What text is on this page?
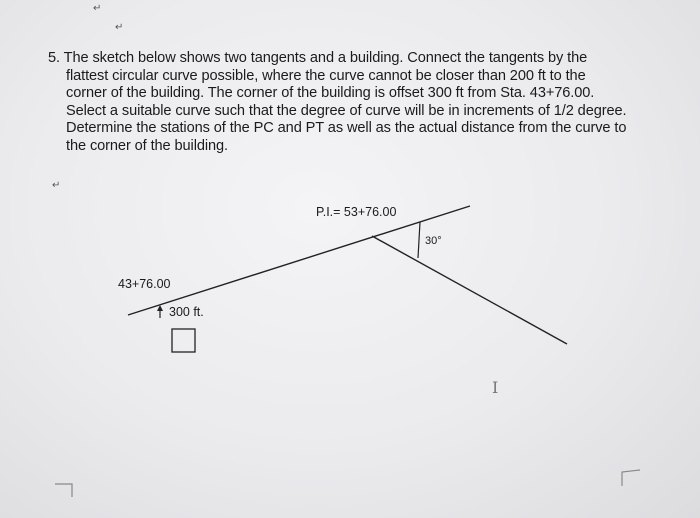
5. The sketch below shows two tangents and a building. Connect the tangents by the
flattest circular curve possible, where the curve cannot be closer than 200 ft to the
corner of the building. The corner of the building is offset 300 ft from Sta. 43+76.00.
Select a suitable curve such that the degree of curve will be in increments of 1/2 degree.
Determine the stations of the PC and PT as well as the actual distance from the curve to
the corner of the building.
↵
↵
↵
P.I.= 53+76.00
30°
43+76.00
300 ft.
I
